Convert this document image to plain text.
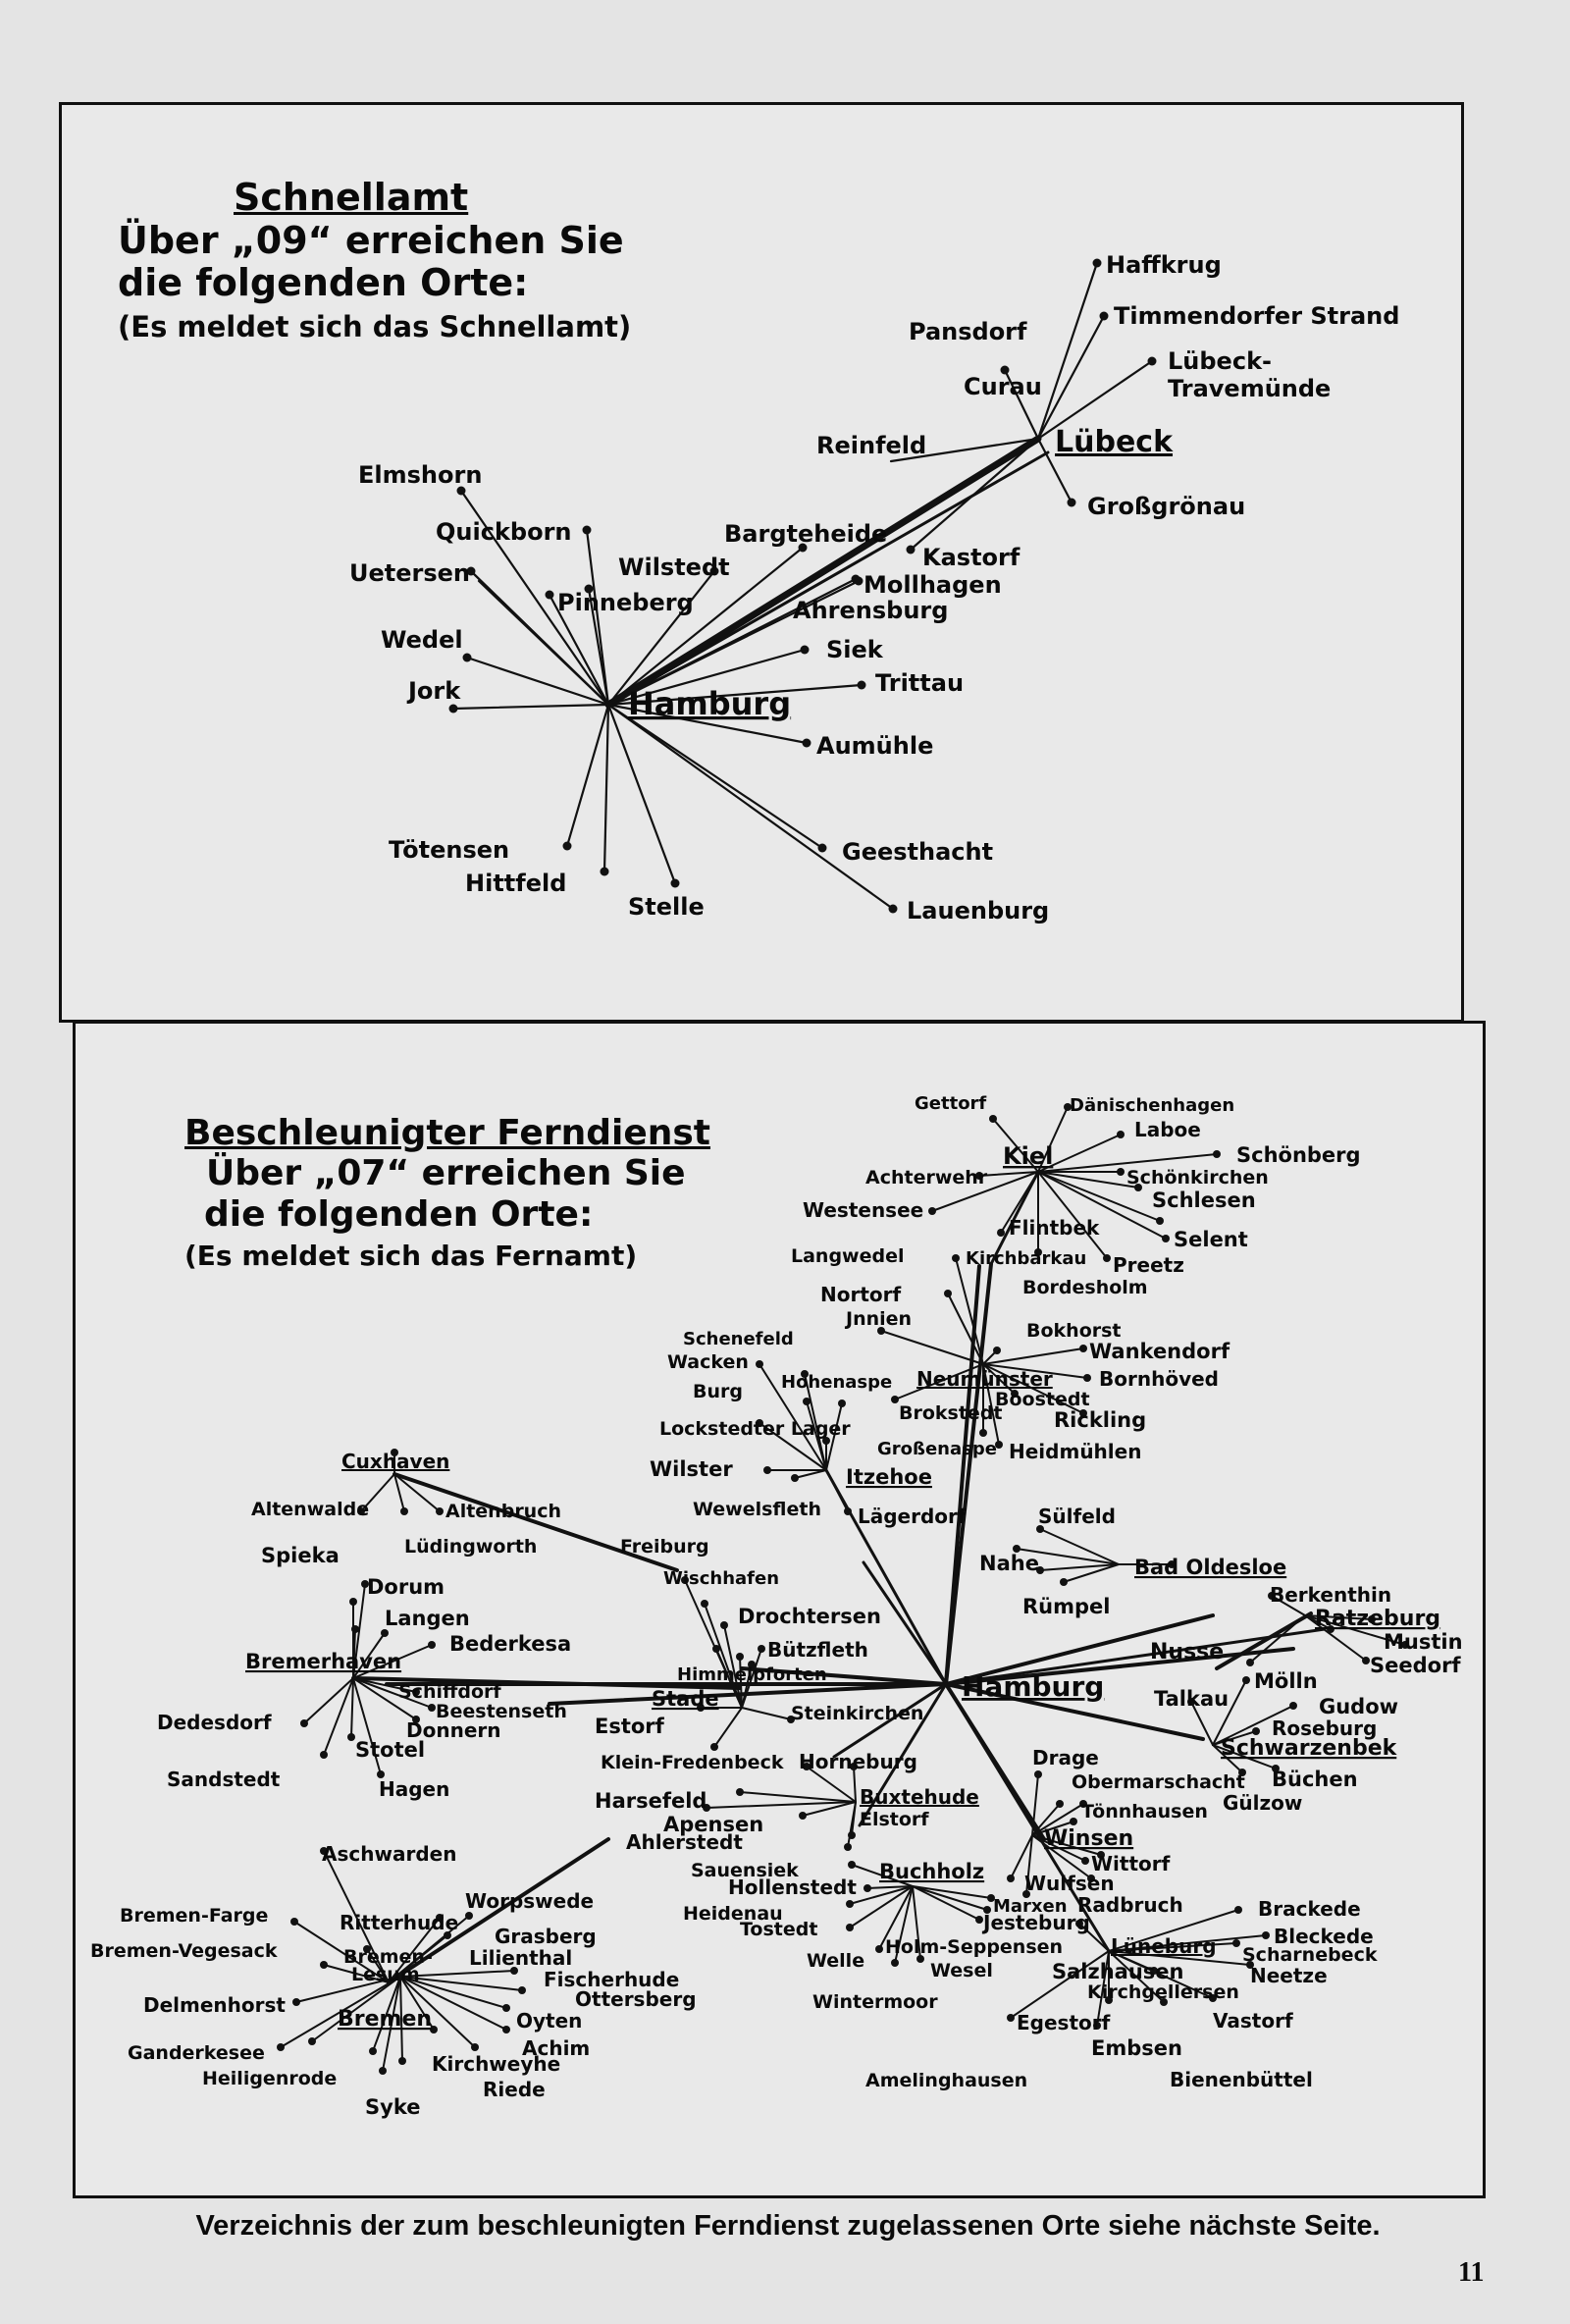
Schnellamt
Über „09“ erreichen Sie
die folgenden Orte:
(Es meldet sich das Schnellamt)
Beschleunigter Ferndienst
Über „07“ erreichen Sie
die folgenden Orte:
(Es meldet sich das Fernamt)
Lübeck
Haffkrug
Timmendorfer Strand
Pansdorf
Curau
Lübeck-
Travemünde
Reinfeld
Großgrönau
Hamburg
Elmshorn
Quickborn	Bargteheide
Kastorf
Uetersen	Wilstedt
Mollhagen
Pinneberg	Ahrensburg
Wedel	Siek
Jork	Trittau
Aumühle
Tötensen	Geesthacht
Hittfeld
Stelle	Lauenburg
Gettorf	Dänischenhagen
Laboe
Schönberg
Achterwehr
Kiel
Schönkirchen
Schlesen
Westensee
Flintbek	Selent
Langwedel	Kirchbarkau Preetz
Bordesholm
Nortorf
Jnnien
Bokhorst
Wankendorf
Schenefeld
Wacken
Hohenaspe Neumünster Bornhöved
Burg	Boostedt
Brokstedt Rickling
Lockstedter Lager
Großenaspe Heidmühlen
Cuxhaven	Wilster	Itzehoe
Altenwalde	Altenbruch	Wewelsfleth Lägerdorf	Sülfeld
Lüdingworth	Freiburg
Spieka
Wischhafen
Nahe	Bad Oldesloe
Dorum	Berkenthin
Langen	Drochtersen	Rümpel	Ratzeburg
Bederkesa	Mustin
Bützfleth	Nusse
Seedorf
Bremerhaven
Himmelpforten	Hamburg	Mölln
Schiffdorf	Stade	Talkau	Gudow
Beestenseth	Steinkirchen
Roseburg
Dedesdorf	Donnern	Estorf
Schwarzenbek
Stotel	Drage
Klein-Fredenbeck Horneburg
Büchen
Sandstedt	Hagen	Obermarschacht
Harsefeld	Buxtehude	Gülzow
Elstorf	Tönnhausen
Apensen
Ahlerstedt	Winsen
Aschwarden	Wittorf
Sauensiek	Buchholz
Hollenstedt	Wulfsen
Heidenau	Marxen Radbruch	Brackede
Worpswede
Jesteburg
Bleckede
Bremen-Farge	Ritterhude	Tostedt
Lüneburg Scharnebeck
Bremen-Vegesack
Grasberg	Holm-Seppensen
Neetze
Bremen-
Lesum
Lilienthal	Welle	Wesel	Salzhausen
Fischerhude
Kirchgellersen
Delmenhorst
Bremen
Ottersberg	Wintermoor
Oyten	Egestorf	Vastorf
Ganderkesee	Achim	Embsen
Kirchweyhe
Heiligenrode	Riede	Amelinghausen	Bienenbüttel
Syke
Verzeichnis der zum beschleunigten Ferndienst zugelassenen Orte siehe nächste Seite.
11
